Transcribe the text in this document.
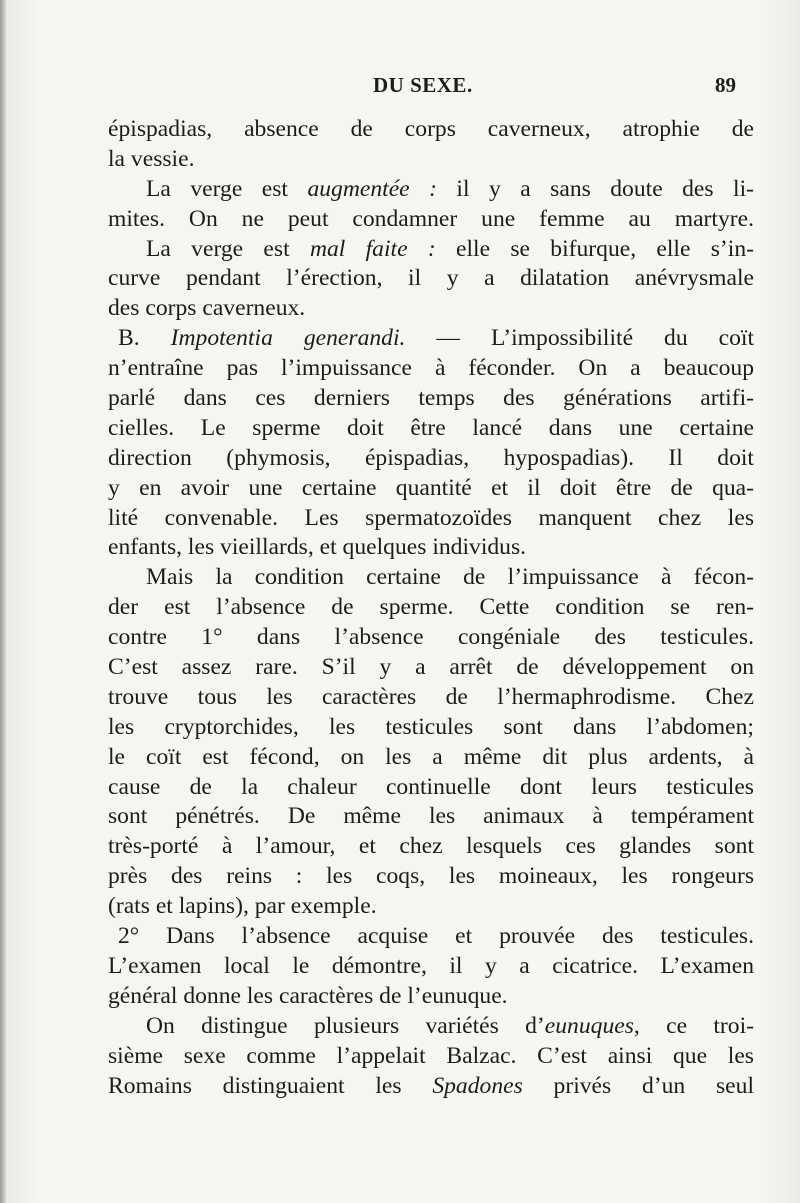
DU SEXE.	89
épispadias, absence de corps caverneux, atrophie de
la vessie.
La verge est augmentée : il y a sans doute des li-
mites. On ne peut condamner une femme au martyre.
La verge est mal faite : elle se bifurque, elle s’in-
curve pendant l’érection, il y a dilatation anévrysmale
des corps caverneux.
B. Impotentia generandi. — L’impossibilité du coït
n’entraîne pas l’impuissance à féconder. On a beaucoup
parlé dans ces derniers temps des générations artifi-
cielles. Le sperme doit être lancé dans une certaine
direction (phymosis, épispadias, hypospadias). Il doit
y en avoir une certaine quantité et il doit être de qua-
lité convenable. Les spermatozoïdes manquent chez les
enfants, les vieillards, et quelques individus.
Mais la condition certaine de l’impuissance à fécon-
der est l’absence de sperme. Cette condition se ren-
contre 1° dans l’absence congéniale des testicules.
C’est assez rare. S’il y a arrêt de développement on
trouve tous les caractères de l’hermaphrodisme. Chez
les cryptorchides, les testicules sont dans l’abdomen;
le coït est fécond, on les a même dit plus ardents, à
cause de la chaleur continuelle dont leurs testicules
sont pénétrés. De même les animaux à tempérament
très-porté à l’amour, et chez lesquels ces glandes sont
près des reins : les coqs, les moineaux, les rongeurs
(rats et lapins), par exemple.
2° Dans l’absence acquise et prouvée des testicules.
L’examen local le démontre, il y a cicatrice. L’examen
général donne les caractères de l’eunuque.
On distingue plusieurs variétés d’eunuques, ce troi-
sième sexe comme l’appelait Balzac. C’est ainsi que les
Romains distinguaient les Spadones privés d’un seul
